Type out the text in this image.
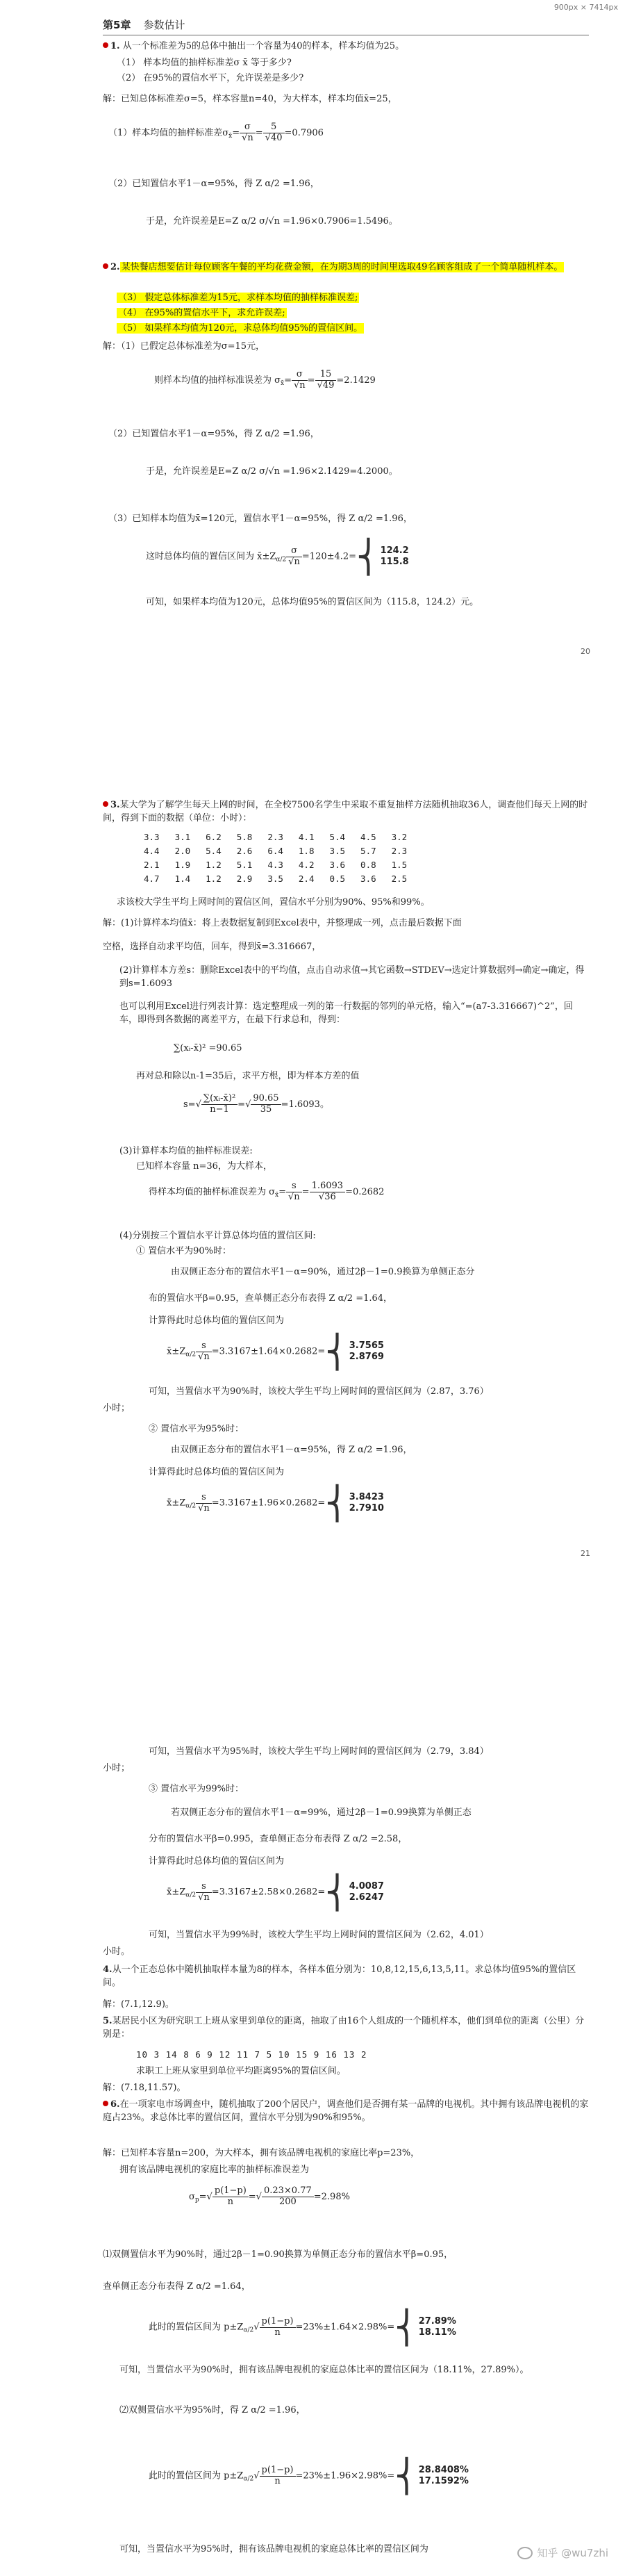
900px × 7414px
第5章 参数估计
1. 从一个标准差为5的总体中抽出一个容量为40的样本，样本均值为25。
（1） 样本均值的抽样标准差σ x̄ 等于多少?
（2） 在95%的置信水平下，允许误差是多少?
解：已知总体标准差σ=5，样本容量n=40，为大样本，样本均值x̄=25，
（1）样本均值的抽样标准差$\sigma_{x̄}= \frac{\sigma}{√n} = \frac{5}{√40} =0.7906$
（2）已知置信水平1－α=95%，得 Z α/2 =1.96，
于是，允许误差是E=Z α/2 σ/√n =1.96×0.7906=1.5496。
2. 某快餐店想要估计每位顾客午餐的平均花费金额，在为期3周的时间里选取49名顾客组成了一个简单随机样本。
（3） 假定总体标准差为15元，求样本均值的抽样标准误差;
（4） 在95%的置信水平下，求允许误差;
（5） 如果样本均值为120元，求总体均值95%的置信区间。
解：（1）已假定总体标准差为σ=15元，
则样本均值的抽样标准误差为 $\sigma_{x̄}= \frac{\sigma}{√n} = \frac{15}{√49} =2.1429$
（2）已知置信水平1－α=95%，得 Z α/2 =1.96，
于是，允许误差是E=Z α/2 σ/√n =1.96×2.1429=4.2000。
（3）已知样本均值为x̄=120元，置信水平1－α=95%，得 Z α/2 =1.96，
这时总体均值的置信区间为 $x̄\pm Z_{\alpha/2} \frac{\sigma}{√n}$ =120±4.2=⎨ 124.2
115.8
可知，如果样本均值为120元，总体均值95%的置信区间为（115.8，124.2）元。
20
3.某大学为了解学生每天上网的时间，在全校7500名学生中采取不重复抽样方法随机抽取36人，调查他们每天上网的时间，得到下面的数据（单位：小时）：
3.3	3.1	6.2	5.8	2.3	4.1	5.4	4.5	3.2
4.4	2.0	5.4	2.6	6.4	1.8	3.5	5.7	2.3
2.1	1.9	1.2	5.1	4.3	4.2	3.6	0.8	1.5
4.7	1.4	1.2	2.9	3.5	2.4	0.5	3.6	2.5
求该校大学生平均上网时间的置信区间，置信水平分别为90%、95%和99%。
解：(1)计算样本均值x̄：将上表数据复制到Excel表中，并整理成一列，点击最后数据下面
空格，选择自动求平均值，回车，得到x̄=3.316667，
(2)计算样本方差s：删除Excel表中的平均值，点击自动求值→其它函数→STDEV→选定计算数据列→确定→确定，得到s=1.6093
也可以利用Excel进行列表计算：选定整理成一列的第一行数据的邻列的单元格，输入“=(a7-3.316667)^2”，回车，即得到各数据的离差平方，在最下行求总和，得到：
∑(xᵢ-x̄)² =90.65
再对总和除以n-1=35后，求平方根，即为样本方差的值
$s=√ \frac{\text{∑(xᵢ-x̄)²}}{n-1}$ =√ $\frac{90.65}{35} =1.6093$。
(3)计算样本均值的抽样标准误差:
已知样本容量 n=36，为大样本，
得样本均值的抽样标准误差为 $\sigma_{x̄}= \frac{s}{√n} = \frac{1.6093}{√36} =0.2682$
(4)分别按三个置信水平计算总体均值的置信区间:
① 置信水平为90%时：
由双侧正态分布的置信水平1－α=90%，通过2β－1=0.9换算为单侧正态分
布的置信水平β=0.95，查单侧正态分布表得 Z α/2 =1.64，
计算得此时总体均值的置信区间为
$x̄\pm Z_{\alpha/2} \frac{s}{√n}$ =3.3167±1.64×0.2682=⎨ 3.7565
2.8769
可知，当置信水平为90%时，该校大学生平均上网时间的置信区间为（2.87，3.76）
小时；
② 置信水平为95%时：
由双侧正态分布的置信水平1－α=95%，得 Z α/2 =1.96，
计算得此时总体均值的置信区间为
$x̄\pm Z_{\alpha/2} \frac{s}{√n}$ =3.3167±1.96×0.2682=⎨ 3.8423
2.7910
21
可知，当置信水平为95%时，该校大学生平均上网时间的置信区间为（2.79，3.84）
小时；
③ 置信水平为99%时：
若双侧正态分布的置信水平1－α=99%，通过2β－1=0.99换算为单侧正态
分布的置信水平β=0.995，查单侧正态分布表得 Z α/2 =2.58，
计算得此时总体均值的置信区间为
$x̄\pm Z_{\alpha/2} \frac{s}{√n}$ =3.3167±2.58×0.2682=⎨ 4.0087
2.6247
可知，当置信水平为99%时，该校大学生平均上网时间的置信区间为（2.62，4.01）
小时。
4.从一个正态总体中随机抽取样本量为8的样本，各样本值分别为：10,8,12,15,6,13,5,11。求总体均值95%的置信区间。
解：(7.1,12.9)。
5.某居民小区为研究职工上班从家里到单位的距离，抽取了由16个人组成的一个随机样本，他们到单位的距离（公里）分别是：
10 3 14 8 6 9 12 11 7 5 10 15 9 16 13 2
求职工上班从家里到单位平均距离95%的置信区间。
解：(7.18,11.57)。
6.在一项家电市场调查中，随机抽取了200个居民户，调查他们是否拥有某一品牌的电视机。其中拥有该品牌电视机的家庭占23%。求总体比率的置信区间，置信水平分别为90%和95%。
解：已知样本容量n=200，为大样本，拥有该品牌电视机的家庭比率p=23%，
拥有该品牌电视机的家庭比率的抽样标准误差为
$\sigma_p=√ \frac{p(1-p)}{n}$ =√ $\frac{0.23\times 0.77}{200} =2.98\%$
⑴双侧置信水平为90%时，通过2β－1=0.90换算为单侧正态分布的置信水平β=0.95，
查单侧正态分布表得 Z α/2 =1.64，
此时的置信区间为 $p\pm Z_{\alpha/2}√ \frac{p(1-p)}{n}$ =23%±1.64×2.98%=⎨ 27.89%
18.11%
可知，当置信水平为90%时，拥有该品牌电视机的家庭总体比率的置信区间为（18.11%，27.89%）。
⑵双侧置信水平为95%时，得 Z α/2 =1.96，
此时的置信区间为 $p\pm Z_{\alpha/2}√ \frac{p(1-p)}{n}$ =23%±1.96×2.98%=⎨ 28.8408%
17.1592%
可知，当置信水平为95%时，拥有该品牌电视机的家庭总体比率的置信区间为	知乎 @wu7zhi
